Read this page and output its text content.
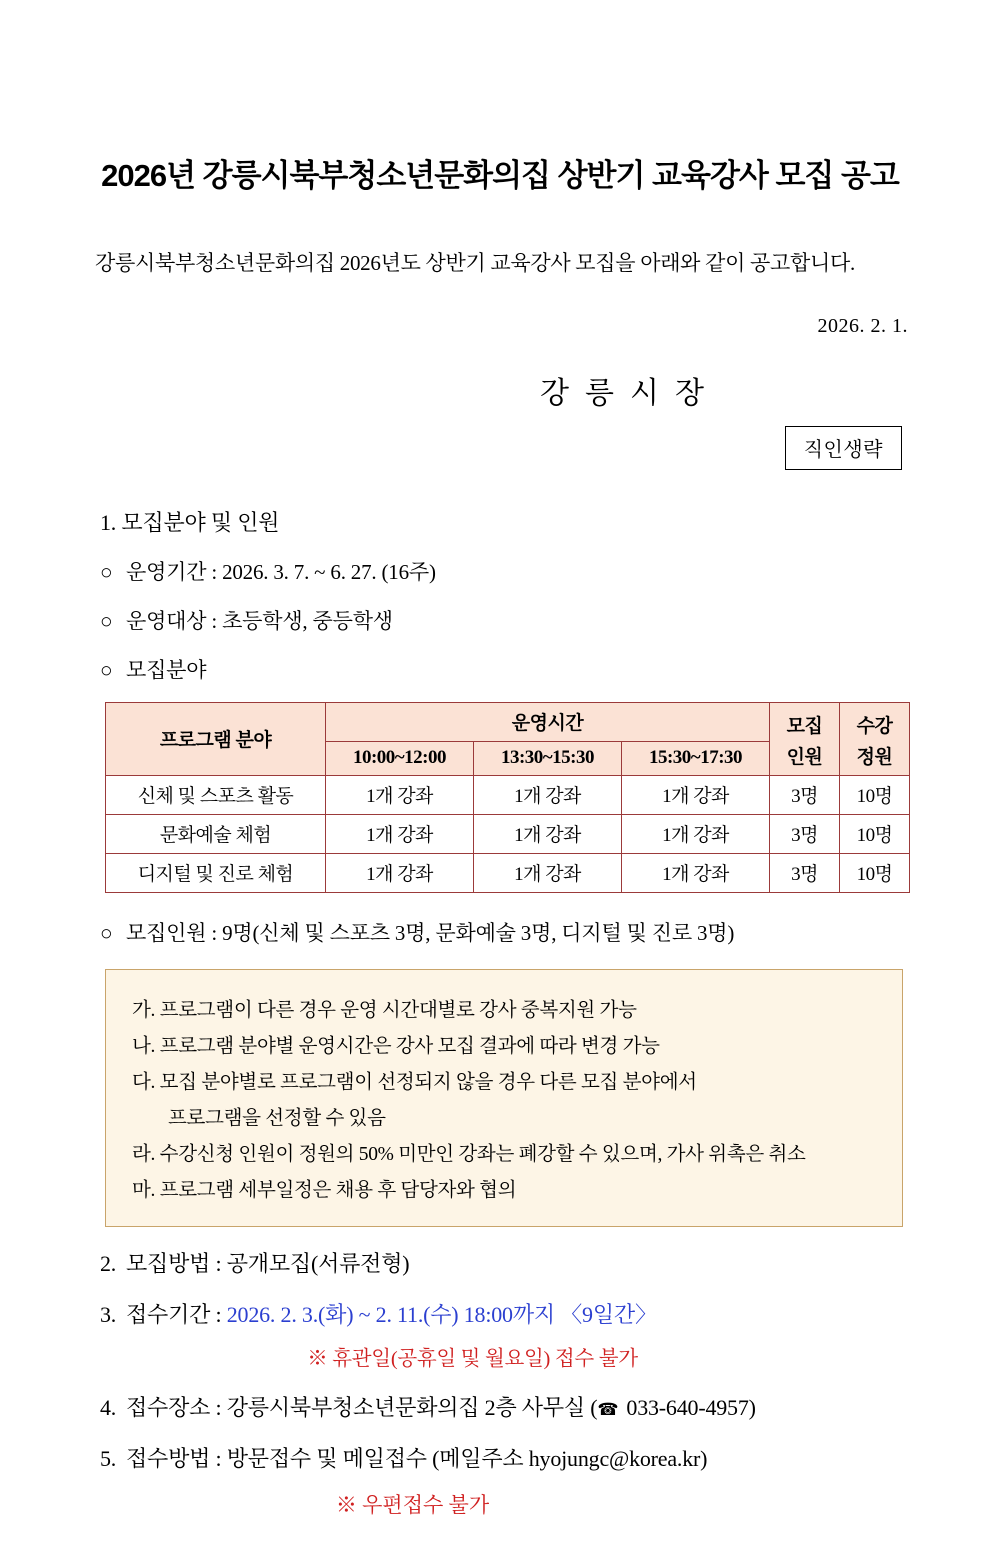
2026년 강릉시북부청소년문화의집 상반기 교육강사 모집 공고

강릉시북부청소년문화의집 2026년도 상반기 교육강사 모집을 아래와 같이 공고합니다.

2026. 2. 1.
강릉시장
직인생략
1. 모집분야 및 인원
○ 운영기간 : 2026. 3. 7. ~ 6. 27. (16주)
○ 운영대상 : 초등학생, 중등학생
○ 모집분야
프로그램 분야	운영시간			모집	수강
	10:00~12:00	13:30~15:30	15:30~17:30	인원	정원
신체 및 스포츠 활동	1개 강좌	1개 강좌	1개 강좌	3명	10명
문화예술 체험	1개 강좌	1개 강좌	1개 강좌	3명	10명
디지털 및 진로 체험	1개 강좌	1개 강좌	1개 강좌	3명	10명
○ 모집인원 : 9명(신체 및 스포츠 3명, 문화예술 3명, 디지털 및 진로 3명)
가. 프로그램이 다른 경우 운영 시간대별로 강사 중복지원 가능
나. 프로그램 분야별 운영시간은 강사 모집 결과에 따라 변경 가능
다. 모집 분야별로 프로그램이 선정되지 않을 경우 다른 모집 분야에서
프로그램을 선정할 수 있음
라. 수강신청 인원이 정원의 50% 미만인 강좌는 폐강할 수 있으며, 가사 위촉은 취소
마. 프로그램 세부일정은 채용 후 담당자와 협의
2. 모집방법 : 공개모집(서류전형)
3. 접수기간 : 2026. 2. 3.(화) ~ 2. 11.(수) 18:00까지 〈9일간〉
※ 휴관일(공휴일 및 월요일) 접수 불가
4. 접수장소 : 강릉시북부청소년문화의집 2층 사무실 (☎ 033-640-4957)
5. 접수방법 : 방문접수 및 메일접수 (메일주소 hyojungc@korea.kr)
※ 우편접수 불가
